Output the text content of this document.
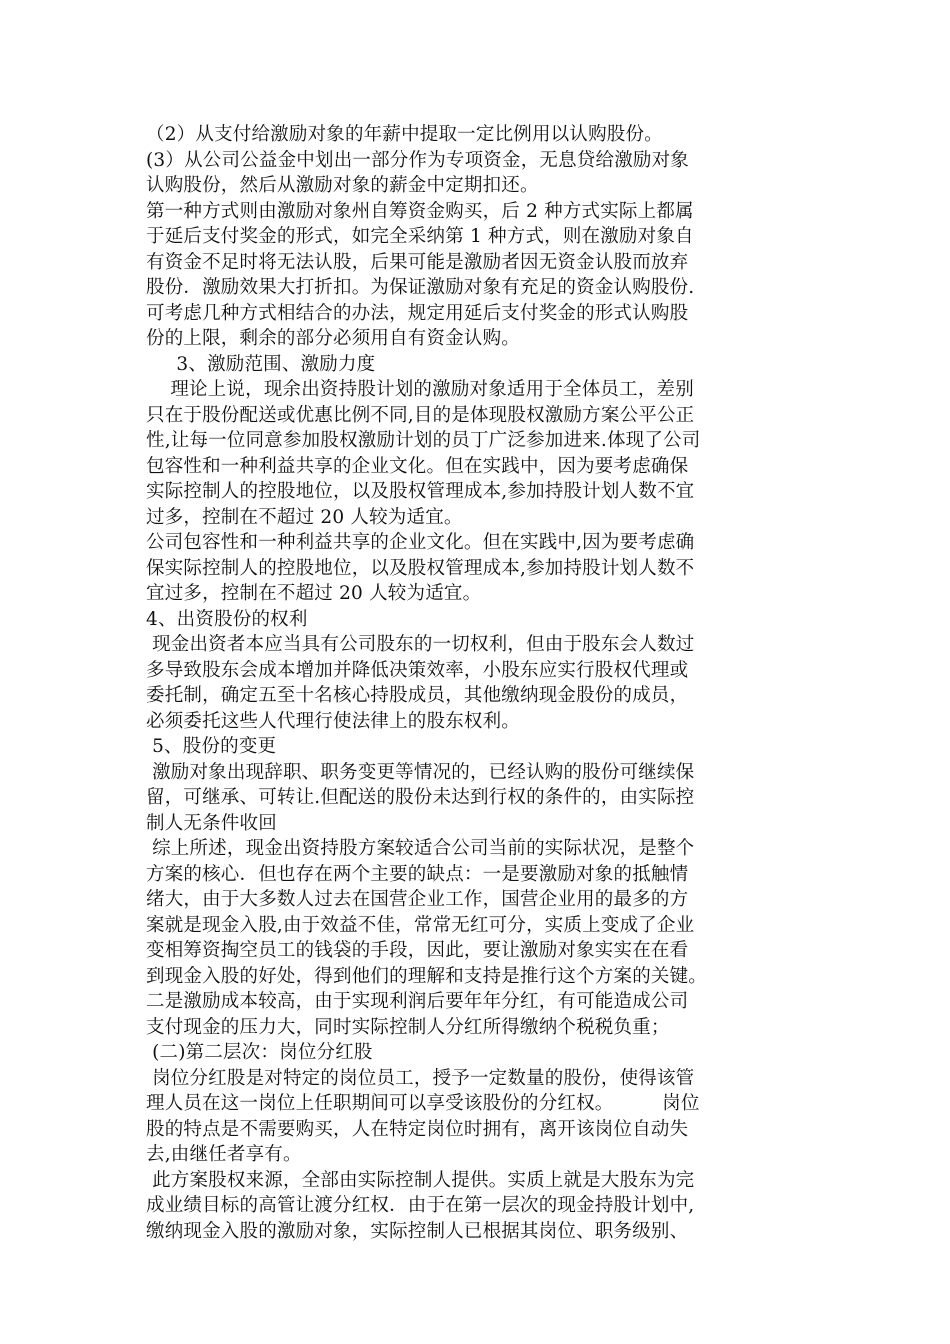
（2）从支付给激励对象的年薪中提取一定比例用以认购股份。
(3）从公司公益金中划出一部分作为专项资金，无息贷给激励对象
认购股份，然后从激励对象的薪金中定期扣还。
第一种方式则由激励对象州自筹资金购买，后 2 种方式实际上都属
于延后支付奖金的形式，如完全采纳第 1 种方式，则在激励对象自
有资金不足时将无法认股，后果可能是激励者因无资金认股而放弃
股份．激励效果大打折扣。为保证激励对象有充足的资金认购股份.
可考虑几种方式相结合的办法，规定用延后支付奖金的形式认购股
份的上限，剩余的部分必须用自有资金认购。
3、激励范围、激励力度
理论上说，现余出资持股计划的激励对象适用于全体员工，差别
只在于股份配送或优惠比例不同,目的是体现股权激励方案公平公正
性,让每一位同意参加股权激励计划的员丁广泛参加进来.体现了公司
包容性和一种利益共享的企业文化。但在实践中，因为要考虑确保
实际控制人的控股地位，以及股权管理成本,参加持股计划人数不宜
过多，控制在不超过 20 人较为适宜。
公司包容性和一种利益共享的企业文化。但在实践中,因为要考虑确
保实际控制人的控股地位，以及股权管理成本,参加持股计划人数不
宜过多，控制在不超过 20 人较为适宜。
4、出资股份的权利
现金出资者本应当具有公司股东的一切权利，但由于股东会人数过
多导致股东会成本增加并降低决策效率，小股东应实行股权代理或
委托制，确定五至十名核心持股成员，其他缴纳现金股份的成员，
必须委托这些人代理行使法律上的股东权利。
5、股份的变更
激励对象出现辞职、职务变更等情况的，已经认购的股份可继续保
留，可继承、可转让.但配送的股份未达到行权的条件的，由实际控
制人无条件收回
综上所述，现金出资持股方案较适合公司当前的实际状况，是整个
方案的核心．但也存在两个主要的缺点：一是要激励对象的抵触情
绪大，由于大多数人过去在国营企业工作，国营企业用的最多的方
案就是现金入股,由于效益不佳，常常无红可分，实质上变成了企业
变相筹资掏空员工的钱袋的手段，因此，要让激励对象实实在在看
到现金入股的好处，得到他们的理解和支持是推行这个方案的关键。
二是激励成本较高，由于实现利润后要年年分红，有可能造成公司
支付现金的压力大，同时实际控制人分红所得缴纳个税税负重；
(二)第二层次：岗位分红股
岗位分红股是对特定的岗位员工，授予一定数量的股份，使得该管
理人员在这一岗位上任职期间可以享受该股份的分红权。        岗位
股的特点是不需要购买，人在特定岗位时拥有，离开该岗位自动失
去,由继任者享有。
此方案股权来源，全部由实际控制人提供。实质上就是大股东为完
成业绩目标的高管让渡分红权．由于在第一层次的现金持股计划中,
缴纳现金入股的激励对象，实际控制人已根据其岗位、职务级别、
